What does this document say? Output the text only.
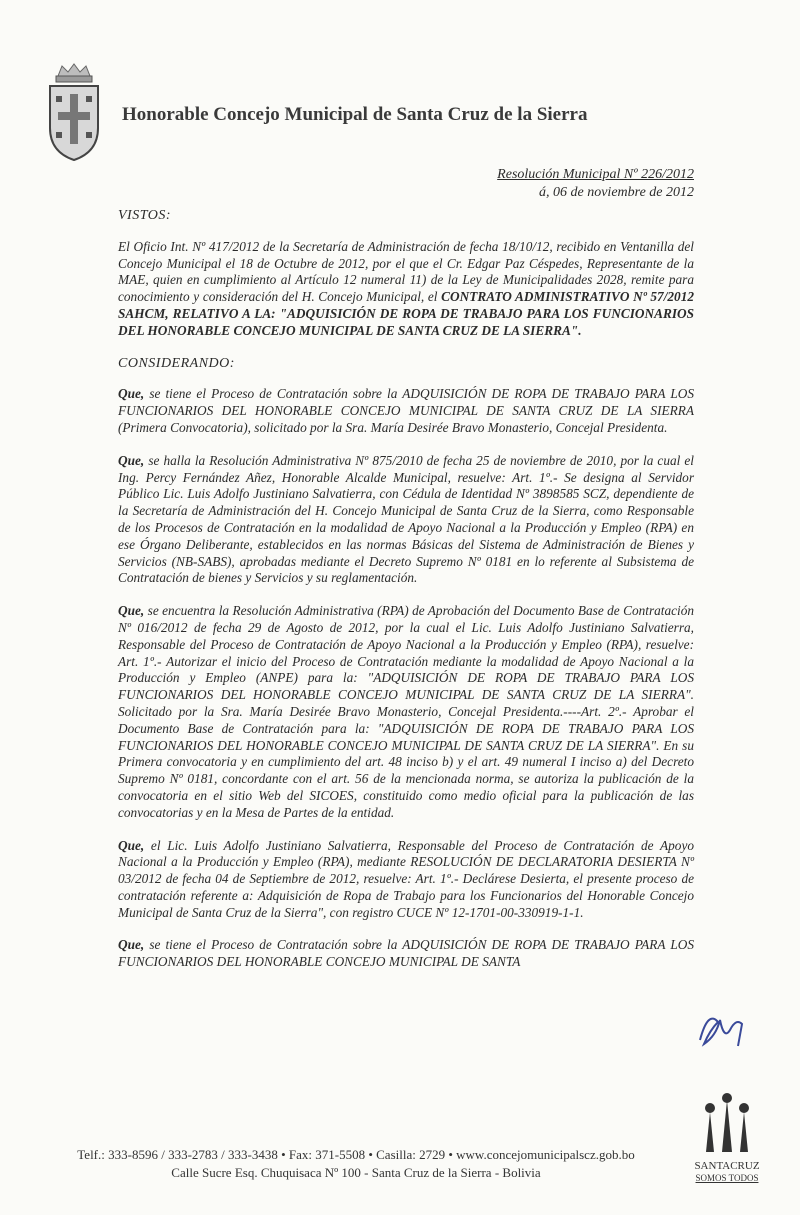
Honorable Concejo Municipal de Santa Cruz de la Sierra
Resolución Municipal Nº 226/2012
á, 06 de noviembre de 2012

VISTOS:

El Oficio Int. Nº 417/2012 de la Secretaría de Administración de fecha 18/10/12, recibido en Ventanilla del Concejo Municipal el 18 de Octubre de 2012, por el que el Cr. Edgar Paz Céspedes, Representante de la MAE, quien en cumplimiento al Artículo 12 numeral 11) de la Ley de Municipalidades 2028, remite para conocimiento y consideración del H. Concejo Municipal, el CONTRATO ADMINISTRATIVO Nº 57/2012 SAHCM, RELATIVO A LA: "ADQUISICIÓN DE ROPA DE TRABAJO PARA LOS FUNCIONARIOS DEL HONORABLE CONCEJO MUNICIPAL DE SANTA CRUZ DE LA SIERRA".

CONSIDERANDO:

Que, se tiene el Proceso de Contratación sobre la ADQUISICIÓN DE ROPA DE TRABAJO PARA LOS FUNCIONARIOS DEL HONORABLE CONCEJO MUNICIPAL DE SANTA CRUZ DE LA SIERRA (Primera Convocatoria), solicitado por la Sra. María Desirée Bravo Monasterio, Concejal Presidenta.

Que, se halla la Resolución Administrativa Nº 875/2010 de fecha 25 de noviembre de 2010, por la cual el Ing. Percy Fernández Añez, Honorable Alcalde Municipal, resuelve: Art. 1º.- Se designa al Servidor Público Lic. Luis Adolfo Justiniano Salvatierra, con Cédula de Identidad Nº 3898585 SCZ, dependiente de la Secretaría de Administración del H. Concejo Municipal de Santa Cruz de la Sierra, como Responsable de los Procesos de Contratación en la modalidad de Apoyo Nacional a la Producción y Empleo (RPA) en ese Órgano Deliberante, establecidos en las normas Básicas del Sistema de Administración de Bienes y Servicios (NB-SABS), aprobadas mediante el Decreto Supremo Nº 0181 en lo referente al Subsistema de Contratación de bienes y Servicios y su reglamentación.

Que, se encuentra la Resolución Administrativa (RPA) de Aprobación del Documento Base de Contratación Nº 016/2012 de fecha 29 de Agosto de 2012, por la cual el Lic. Luis Adolfo Justiniano Salvatierra, Responsable del Proceso de Contratación de Apoyo Nacional a la Producción y Empleo (RPA), resuelve: Art. 1º.- Autorizar el inicio del Proceso de Contratación mediante la modalidad de Apoyo Nacional a la Producción y Empleo (ANPE) para la: "ADQUISICIÓN DE ROPA DE TRABAJO PARA LOS FUNCIONARIOS DEL HONORABLE CONCEJO MUNICIPAL DE SANTA CRUZ DE LA SIERRA". Solicitado por la Sra. María Desirée Bravo Monasterio, Concejal Presidenta.----Art. 2º.- Aprobar el Documento Base de Contratación para la: "ADQUISICIÓN DE ROPA DE TRABAJO PARA LOS FUNCIONARIOS DEL HONORABLE CONCEJO MUNICIPAL DE SANTA CRUZ DE LA SIERRA". En su Primera convocatoria y en cumplimiento del art. 48 inciso b) y el art. 49 numeral I inciso a) del Decreto Supremo Nº 0181, concordante con el art. 56 de la mencionada norma, se autoriza la publicación de la convocatoria en el sitio Web del SICOES, constituido como medio oficial para la publicación de las convocatorias y en la Mesa de Partes de la entidad.

Que, el Lic. Luis Adolfo Justiniano Salvatierra, Responsable del Proceso de Contratación de Apoyo Nacional a la Producción y Empleo (RPA), mediante RESOLUCIÓN DE DECLARATORIA DESIERTA Nº 03/2012 de fecha 04 de Septiembre de 2012, resuelve: Art. 1º.- Declárese Desierta, el presente proceso de contratación referente a: Adquisición de Ropa de Trabajo para los Funcionarios del Honorable Concejo Municipal de Santa Cruz de la Sierra", con registro CUCE Nº 12-1701-00-330919-1-1.

Que, se tiene el Proceso de Contratación sobre la ADQUISICIÓN DE ROPA DE TRABAJO PARA LOS FUNCIONARIOS DEL HONORABLE CONCEJO MUNICIPAL DE SANTA

Telf.: 333-8596 / 333-2783 / 333-3438 • Fax: 371-5508 • Casilla: 2729 • www.concejomunicipalscz.gob.bo
Calle Sucre Esq. Chuquisaca Nº 100 - Santa Cruz de la Sierra - Bolivia	SANTACRUZ
SOMOS TODOS
